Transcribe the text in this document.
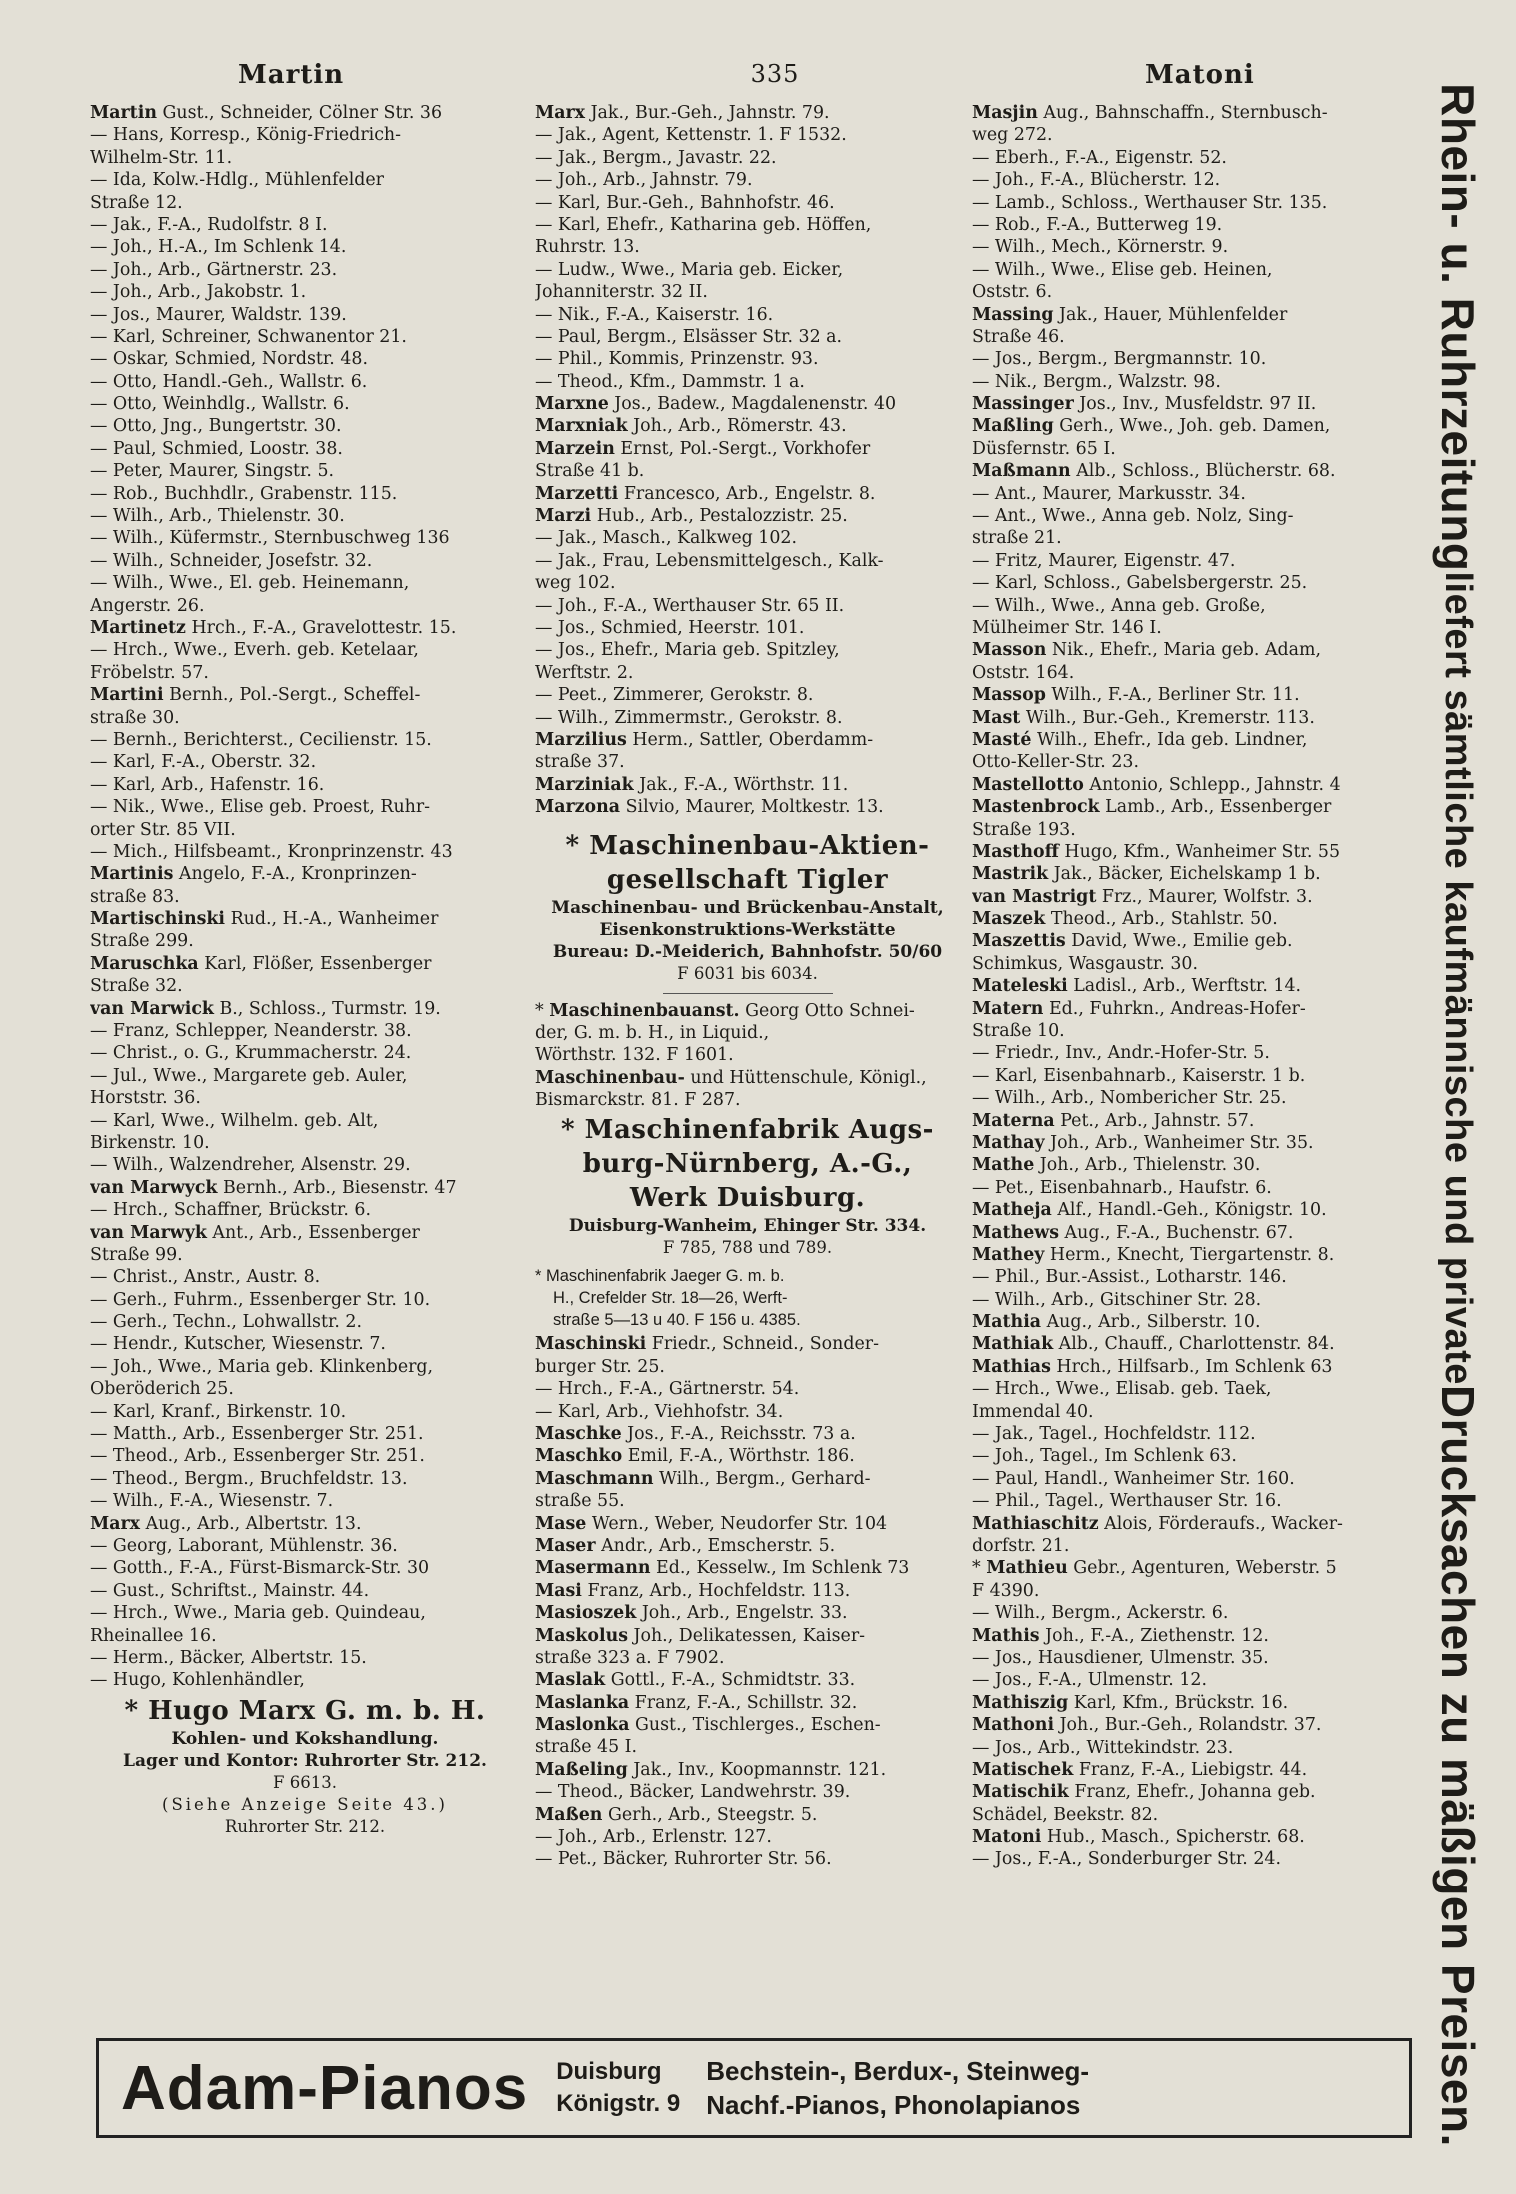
Martin	335	Matoni
Martin Gust., Schneider, Cölner Str. 36
— Hans, Korresp., König-Friedrich-
Wilhelm-Str. 11.
— Ida, Kolw.-Hdlg., Mühlenfelder
Straße 12.
— Jak., F.-A., Rudolfstr. 8 I.
— Joh., H.-A., Im Schlenk 14.
— Joh., Arb., Gärtnerstr. 23.
— Joh., Arb., Jakobstr. 1.
— Jos., Maurer, Waldstr. 139.
— Karl, Schreiner, Schwanentor 21.
— Oskar, Schmied, Nordstr. 48.
— Otto, Handl.-Geh., Wallstr. 6.
— Otto, Weinhdlg., Wallstr. 6.
— Otto, Jng., Bungertstr. 30.
— Paul, Schmied, Loostr. 38.
— Peter, Maurer, Singstr. 5.
— Rob., Buchhdlr., Grabenstr. 115.
— Wilh., Arb., Thielenstr. 30.
— Wilh., Küfermstr., Sternbuschweg 136
— Wilh., Schneider, Josefstr. 32.
— Wilh., Wwe., El. geb. Heinemann,
Angerstr. 26.
Martinetz Hrch., F.-A., Gravelottestr. 15.
— Hrch., Wwe., Everh. geb. Ketelaar,
Fröbelstr. 57.
Martini Bernh., Pol.-Sergt., Scheffel-
straße 30.
— Bernh., Berichterst., Cecilienstr. 15.
— Karl, F.-A., Oberstr. 32.
— Karl, Arb., Hafenstr. 16.
— Nik., Wwe., Elise geb. Proest, Ruhr-
orter Str. 85 VII.
— Mich., Hilfsbeamt., Kronprinzenstr. 43
Martinis Angelo, F.-A., Kronprinzen-
straße 83.
Martischinski Rud., H.-A., Wanheimer
Straße 299.
Maruschka Karl, Flößer, Essenberger
Straße 32.
van Marwick B., Schloss., Turmstr. 19.
— Franz, Schlepper, Neanderstr. 38.
— Christ., o. G., Krummacherstr. 24.
— Jul., Wwe., Margarete geb. Auler,
Horststr. 36.
— Karl, Wwe., Wilhelm. geb. Alt,
Birkenstr. 10.
— Wilh., Walzendreher, Alsenstr. 29.
van Marwyck Bernh., Arb., Biesenstr. 47
— Hrch., Schaffner, Brückstr. 6.
van Marwyk Ant., Arb., Essenberger
Straße 99.
— Christ., Anstr., Austr. 8.
— Gerh., Fuhrm., Essenberger Str. 10.
— Gerh., Techn., Lohwallstr. 2.
— Hendr., Kutscher, Wiesenstr. 7.
— Joh., Wwe., Maria geb. Klinkenberg,
Oberöderich 25.
— Karl, Kranf., Birkenstr. 10.
— Matth., Arb., Essenberger Str. 251.
— Theod., Arb., Essenberger Str. 251.
— Theod., Bergm., Bruchfeldstr. 13.
— Wilh., F.-A., Wiesenstr. 7.
Marx Aug., Arb., Albertstr. 13.
— Georg, Laborant, Mühlenstr. 36.
— Gotth., F.-A., Fürst-Bismarck-Str. 30
— Gust., Schriftst., Mainstr. 44.
— Hrch., Wwe., Maria geb. Quindeau,
Rheinallee 16.
— Herm., Bäcker, Albertstr. 15.
— Hugo, Kohlenhändler,
* Hugo Marx G. m. b. H.
Kohlen- und Kokshandlung.
Lager und Kontor: Ruhrorter Str. 212.
F 6613.
(Siehe Anzeige Seite 43.)
Ruhrorter Str. 212.
Marx Jak., Bur.-Geh., Jahnstr. 79.
— Jak., Agent, Kettenstr. 1. F 1532.
— Jak., Bergm., Javastr. 22.
— Joh., Arb., Jahnstr. 79.
— Karl, Bur.-Geh., Bahnhofstr. 46.
— Karl, Ehefr., Katharina geb. Höffen,
Ruhrstr. 13.
— Ludw., Wwe., Maria geb. Eicker,
Johanniterstr. 32 II.
— Nik., F.-A., Kaiserstr. 16.
— Paul, Bergm., Elsässer Str. 32 a.
— Phil., Kommis, Prinzenstr. 93.
— Theod., Kfm., Dammstr. 1 a.
Marxne Jos., Badew., Magdalenenstr. 40
Marxniak Joh., Arb., Römerstr. 43.
Marzein Ernst, Pol.-Sergt., Vorkhofer
Straße 41 b.
Marzetti Francesco, Arb., Engelstr. 8.
Marzi Hub., Arb., Pestalozzistr. 25.
— Jak., Masch., Kalkweg 102.
— Jak., Frau, Lebensmittelgesch., Kalk-
weg 102.
— Joh., F.-A., Werthauser Str. 65 II.
— Jos., Schmied, Heerstr. 101.
— Jos., Ehefr., Maria geb. Spitzley,
Werftstr. 2.
— Peet., Zimmerer, Gerokstr. 8.
— Wilh., Zimmermstr., Gerokstr. 8.
Marzilius Herm., Sattler, Oberdamm-
straße 37.
Marziniak Jak., F.-A., Wörthstr. 11.
Marzona Silvio, Maurer, Moltkestr. 13.
* Maschinenbau-Aktien-
gesellschaft Tigler
Maschinenbau- und Brückenbau-Anstalt,
Eisenkonstruktions-Werkstätte
Bureau: D.-Meiderich, Bahnhofstr. 50/60
F 6031 bis 6034.
* Maschinenbauanst. Georg Otto Schnei-
der, G. m. b. H., in Liquid.,
Wörthstr. 132. F 1601.
Maschinenbau- und Hüttenschule, Königl.,
Bismarckstr. 81. F 287.
* Maschinenfabrik Augs-
burg-Nürnberg, A.-G.,
Werk Duisburg.
Duisburg-Wanheim, Ehinger Str. 334.
F 785, 788 und 789.
* Maschinenfabrik Jaeger G. m. b.
H., Crefelder Str. 18—26, Werft-
straße 5—13 u 40. F 156 u. 4385.
Maschinski Friedr., Schneid., Sonder-
burger Str. 25.
— Hrch., F.-A., Gärtnerstr. 54.
— Karl, Arb., Viehhofstr. 34.
Maschke Jos., F.-A., Reichsstr. 73 a.
Maschko Emil, F.-A., Wörthstr. 186.
Maschmann Wilh., Bergm., Gerhard-
straße 55.
Mase Wern., Weber, Neudorfer Str. 104
Maser Andr., Arb., Emscherstr. 5.
Masermann Ed., Kesselw., Im Schlenk 73
Masi Franz, Arb., Hochfeldstr. 113.
Masioszek Joh., Arb., Engelstr. 33.
Maskolus Joh., Delikatessen, Kaiser-
straße 323 a. F 7902.
Maslak Gottl., F.-A., Schmidtstr. 33.
Maslanka Franz, F.-A., Schillstr. 32.
Maslonka Gust., Tischlerges., Eschen-
straße 45 I.
Maßeling Jak., Inv., Koopmannstr. 121.
— Theod., Bäcker, Landwehrstr. 39.
Maßen Gerh., Arb., Steegstr. 5.
— Joh., Arb., Erlenstr. 127.
— Pet., Bäcker, Ruhrorter Str. 56.
Masjin Aug., Bahnschaffn., Sternbusch-
weg 272.
— Eberh., F.-A., Eigenstr. 52.
— Joh., F.-A., Blücherstr. 12.
— Lamb., Schloss., Werthauser Str. 135.
— Rob., F.-A., Butterweg 19.
— Wilh., Mech., Körnerstr. 9.
— Wilh., Wwe., Elise geb. Heinen,
Oststr. 6.
Massing Jak., Hauer, Mühlenfelder
Straße 46.
— Jos., Bergm., Bergmannstr. 10.
— Nik., Bergm., Walzstr. 98.
Massinger Jos., Inv., Musfeldstr. 97 II.
Maßling Gerh., Wwe., Joh. geb. Damen,
Düsfernstr. 65 I.
Maßmann Alb., Schloss., Blücherstr. 68.
— Ant., Maurer, Markusstr. 34.
— Ant., Wwe., Anna geb. Nolz, Sing-
straße 21.
— Fritz, Maurer, Eigenstr. 47.
— Karl, Schloss., Gabelsbergerstr. 25.
— Wilh., Wwe., Anna geb. Große,
Mülheimer Str. 146 I.
Masson Nik., Ehefr., Maria geb. Adam,
Oststr. 164.
Massop Wilh., F.-A., Berliner Str. 11.
Mast Wilh., Bur.-Geh., Kremerstr. 113.
Masté Wilh., Ehefr., Ida geb. Lindner,
Otto-Keller-Str. 23.
Mastellotto Antonio, Schlepp., Jahnstr. 4
Mastenbrock Lamb., Arb., Essenberger
Straße 193.
Masthoff Hugo, Kfm., Wanheimer Str. 55
Mastrik Jak., Bäcker, Eichelskamp 1 b.
van Mastrigt Frz., Maurer, Wolfstr. 3.
Maszek Theod., Arb., Stahlstr. 50.
Maszettis David, Wwe., Emilie geb.
Schimkus, Wasgaustr. 30.
Mateleski Ladisl., Arb., Werftstr. 14.
Matern Ed., Fuhrkn., Andreas-Hofer-
Straße 10.
— Friedr., Inv., Andr.-Hofer-Str. 5.
— Karl, Eisenbahnarb., Kaiserstr. 1 b.
— Wilh., Arb., Nombericher Str. 25.
Materna Pet., Arb., Jahnstr. 57.
Mathay Joh., Arb., Wanheimer Str. 35.
Mathe Joh., Arb., Thielenstr. 30.
— Pet., Eisenbahnarb., Haufstr. 6.
Matheja Alf., Handl.-Geh., Königstr. 10.
Mathews Aug., F.-A., Buchenstr. 67.
Mathey Herm., Knecht, Tiergartenstr. 8.
— Phil., Bur.-Assist., Lotharstr. 146.
— Wilh., Arb., Gitschiner Str. 28.
Mathia Aug., Arb., Silberstr. 10.
Mathiak Alb., Chauff., Charlottenstr. 84.
Mathias Hrch., Hilfsarb., Im Schlenk 63
— Hrch., Wwe., Elisab. geb. Taek,
Immendal 40.
— Jak., Tagel., Hochfeldstr. 112.
— Joh., Tagel., Im Schlenk 63.
— Paul, Handl., Wanheimer Str. 160.
— Phil., Tagel., Werthauser Str. 16.
Mathiaschitz Alois, Förderaufs., Wacker-
dorfstr. 21.
* Mathieu Gebr., Agenturen, Weberstr. 5
F 4390.
— Wilh., Bergm., Ackerstr. 6.
Mathis Joh., F.-A., Ziethenstr. 12.
— Jos., Hausdiener, Ulmenstr. 35.
— Jos., F.-A., Ulmenstr. 12.
Mathiszig Karl, Kfm., Brückstr. 16.
Mathoni Joh., Bur.-Geh., Rolandstr. 37.
— Jos., Arb., Wittekindstr. 23.
Matischek Franz, F.-A., Liebigstr. 44.
Matischik Franz, Ehefr., Johanna geb.
Schädel, Beekstr. 82.
Matoni Hub., Masch., Spicherstr. 68.
— Jos., F.-A., Sonderburger Str. 24.
Rhein- u. Ruhrzeitung
liefert sämtliche kaufmännische und private
Drucksachen zu mäßigen Preisen.
Adam-Pianos	Duisburg
Königstr. 9
Bechstein-, Berdux-, Steinweg-
Nachf.-Pianos, Phonolapianos
